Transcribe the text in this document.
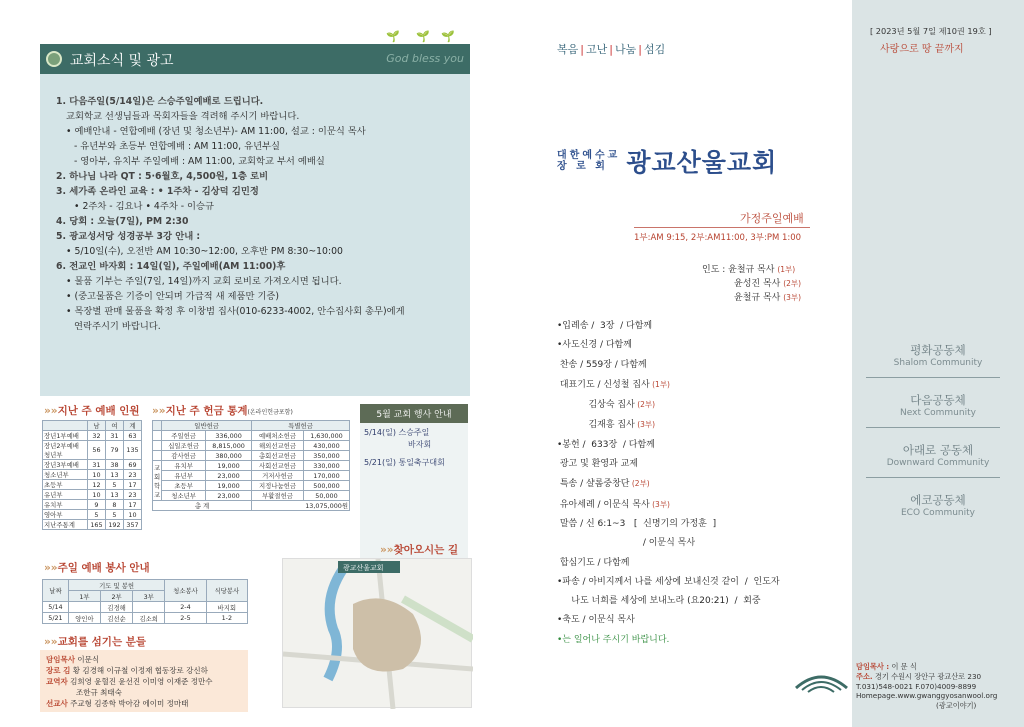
교회소식 및 광고
🌱 🌱 🌱
God bless you
1. 다음주일(5/14일)은 스승주일예배로 드립니다.
교회학교 선생님들과 목회자들을 격려해 주시기 바랍니다.
• 예배안내 - 연합예배 (장년 및 청소년부)- AM 11:00, 설교 : 이문식 목사
- 유년부와 초등부 연합예배 : AM 11:00, 유년부실
- 영아부, 유치부 주일예배 : AM 11:00, 교회학교 부서 예배실
2. 하나님 나라 QT : 5·6월호, 4,500원, 1층 로비
3. 세가족 온라인 교육 : • 1주차 - 김상덕 김민정
• 2주차 - 김요나 • 4주차 - 이승규
4. 당회 : 오늘(7일), PM 2:30
5. 광교성서당 성경공부 3강 안내 :
• 5/10일(수), 오전반 AM 10:30~12:00, 오후반 PM 8:30~10:00
6. 전교인 바자회 : 14일(일), 주일예배(AM 11:00)후
• 물품 기부는 주일(7일, 14일)까지 교회 로비로 가져오시면 됩니다.
• (중고물품은 기증이 안되며 가급적 새 제품만 기증)
• 목장별 판매 물품을 확정 후 이창범 집사(010-6233-4002, 안수집사회 총무)에게
연락주시기 바랍니다.
»»지난 주 예배 인원
	남	여	계
장년1부예배	32	31	63
장년2부예배
청년부	56	79	135
장년3부예배	31	38	69
청소년부	10	13	23
초등부	12	5	17
유년부	10	13	23
유치부	9	8	17
영아부	5	5	10
지난주통계	165	192	357
»»지난 주 헌금 통계(온라인헌금포함)
	일반헌금		특별헌금	
	주일헌금	336,000	예배처소헌금	1,630,000
	십일조헌금	8,815,000	해외선교헌금	430,000
	감사헌금	380,000	총회선교헌금	350,000
교회학교	유치부	19,000	사회선교헌금	330,000
	유년부	23,000	거저사헌금	170,000
	초등부	19,000	지정나눔헌금	500,000
	청소년부	23,000	부활절헌금	50,000
총 계			13,075,000원	
5월 교회 행사 안내
5/14(일) 스승주일
바자회
5/21(일) 통일축구대회
»»주일 예배 봉사 안내
날짜	기도 및 봉헌			청소봉사	식당봉사
	1부	2부	3부		
5/14		김경해		2-4	바지회
5/21	양인아	김선순	김소희	2-5	1-2
»»교회를 섬기는 분들
담임목사 이문식
장로 김 황 김경해 이규철 이정재 협동장로 강신하
교역자 김희영 윤혈진 윤선진 이미영 이재준 정만수
조한규 최태숙
선교사 주교형 김종학 박아감 에이미 정마태
»»찾아오시는 길
광교산울교회
복음 | 고난 | 나눔 | 섬김
대한예수교
장 로 회 광교산울교회
가정주일예배
1부:AM 9:15, 2부:AM11:00, 3부:PM 1:00
인도 : 윤철규 목사 (1부)
윤성진 목사 (2부)
윤철규 목사 (3부)
•입례송 /  3장  / 다함께
•사도신경 / 다함께
찬송 / 559장 / 다함께
대표기도 / 신성철 집사 (1부)
김상숙 집사 (2부)
김재흥 집사 (3부)
•봉헌 /  633장  / 다함께
광고 및 환영과 교제
특송 / 샬롬중창단 (2부)
유아세례 / 이문식 목사 (3부)
말씀 / 신 6:1~3   [  신명기의 가정훈  ]
/ 이문식 목사
합심기도 / 다함께
•파송 / 아비지께서 나를 세상에 보내신것 같이  /  인도자
나도 너희를 세상에 보내노라 (요20:21)  /  회중
•축도 / 이문식 목사
•는 일어나 주시기 바랍니다.
[ 2023년 5월 7일 제10권 19호 ]
사랑으로 땅 끝까지
평화공동체
Shalom Community
다음공동체
Next Community
아래로 공동체
Downward Community
에코공동체
ECO Community
담임목사 : 이 문 식
주소. 경기 수원시 장안구 광교산로 230
T.031)548-0021 F.070)4009-8899
Homepage.www.gwanggyosanwool.org
(광교이야기)
